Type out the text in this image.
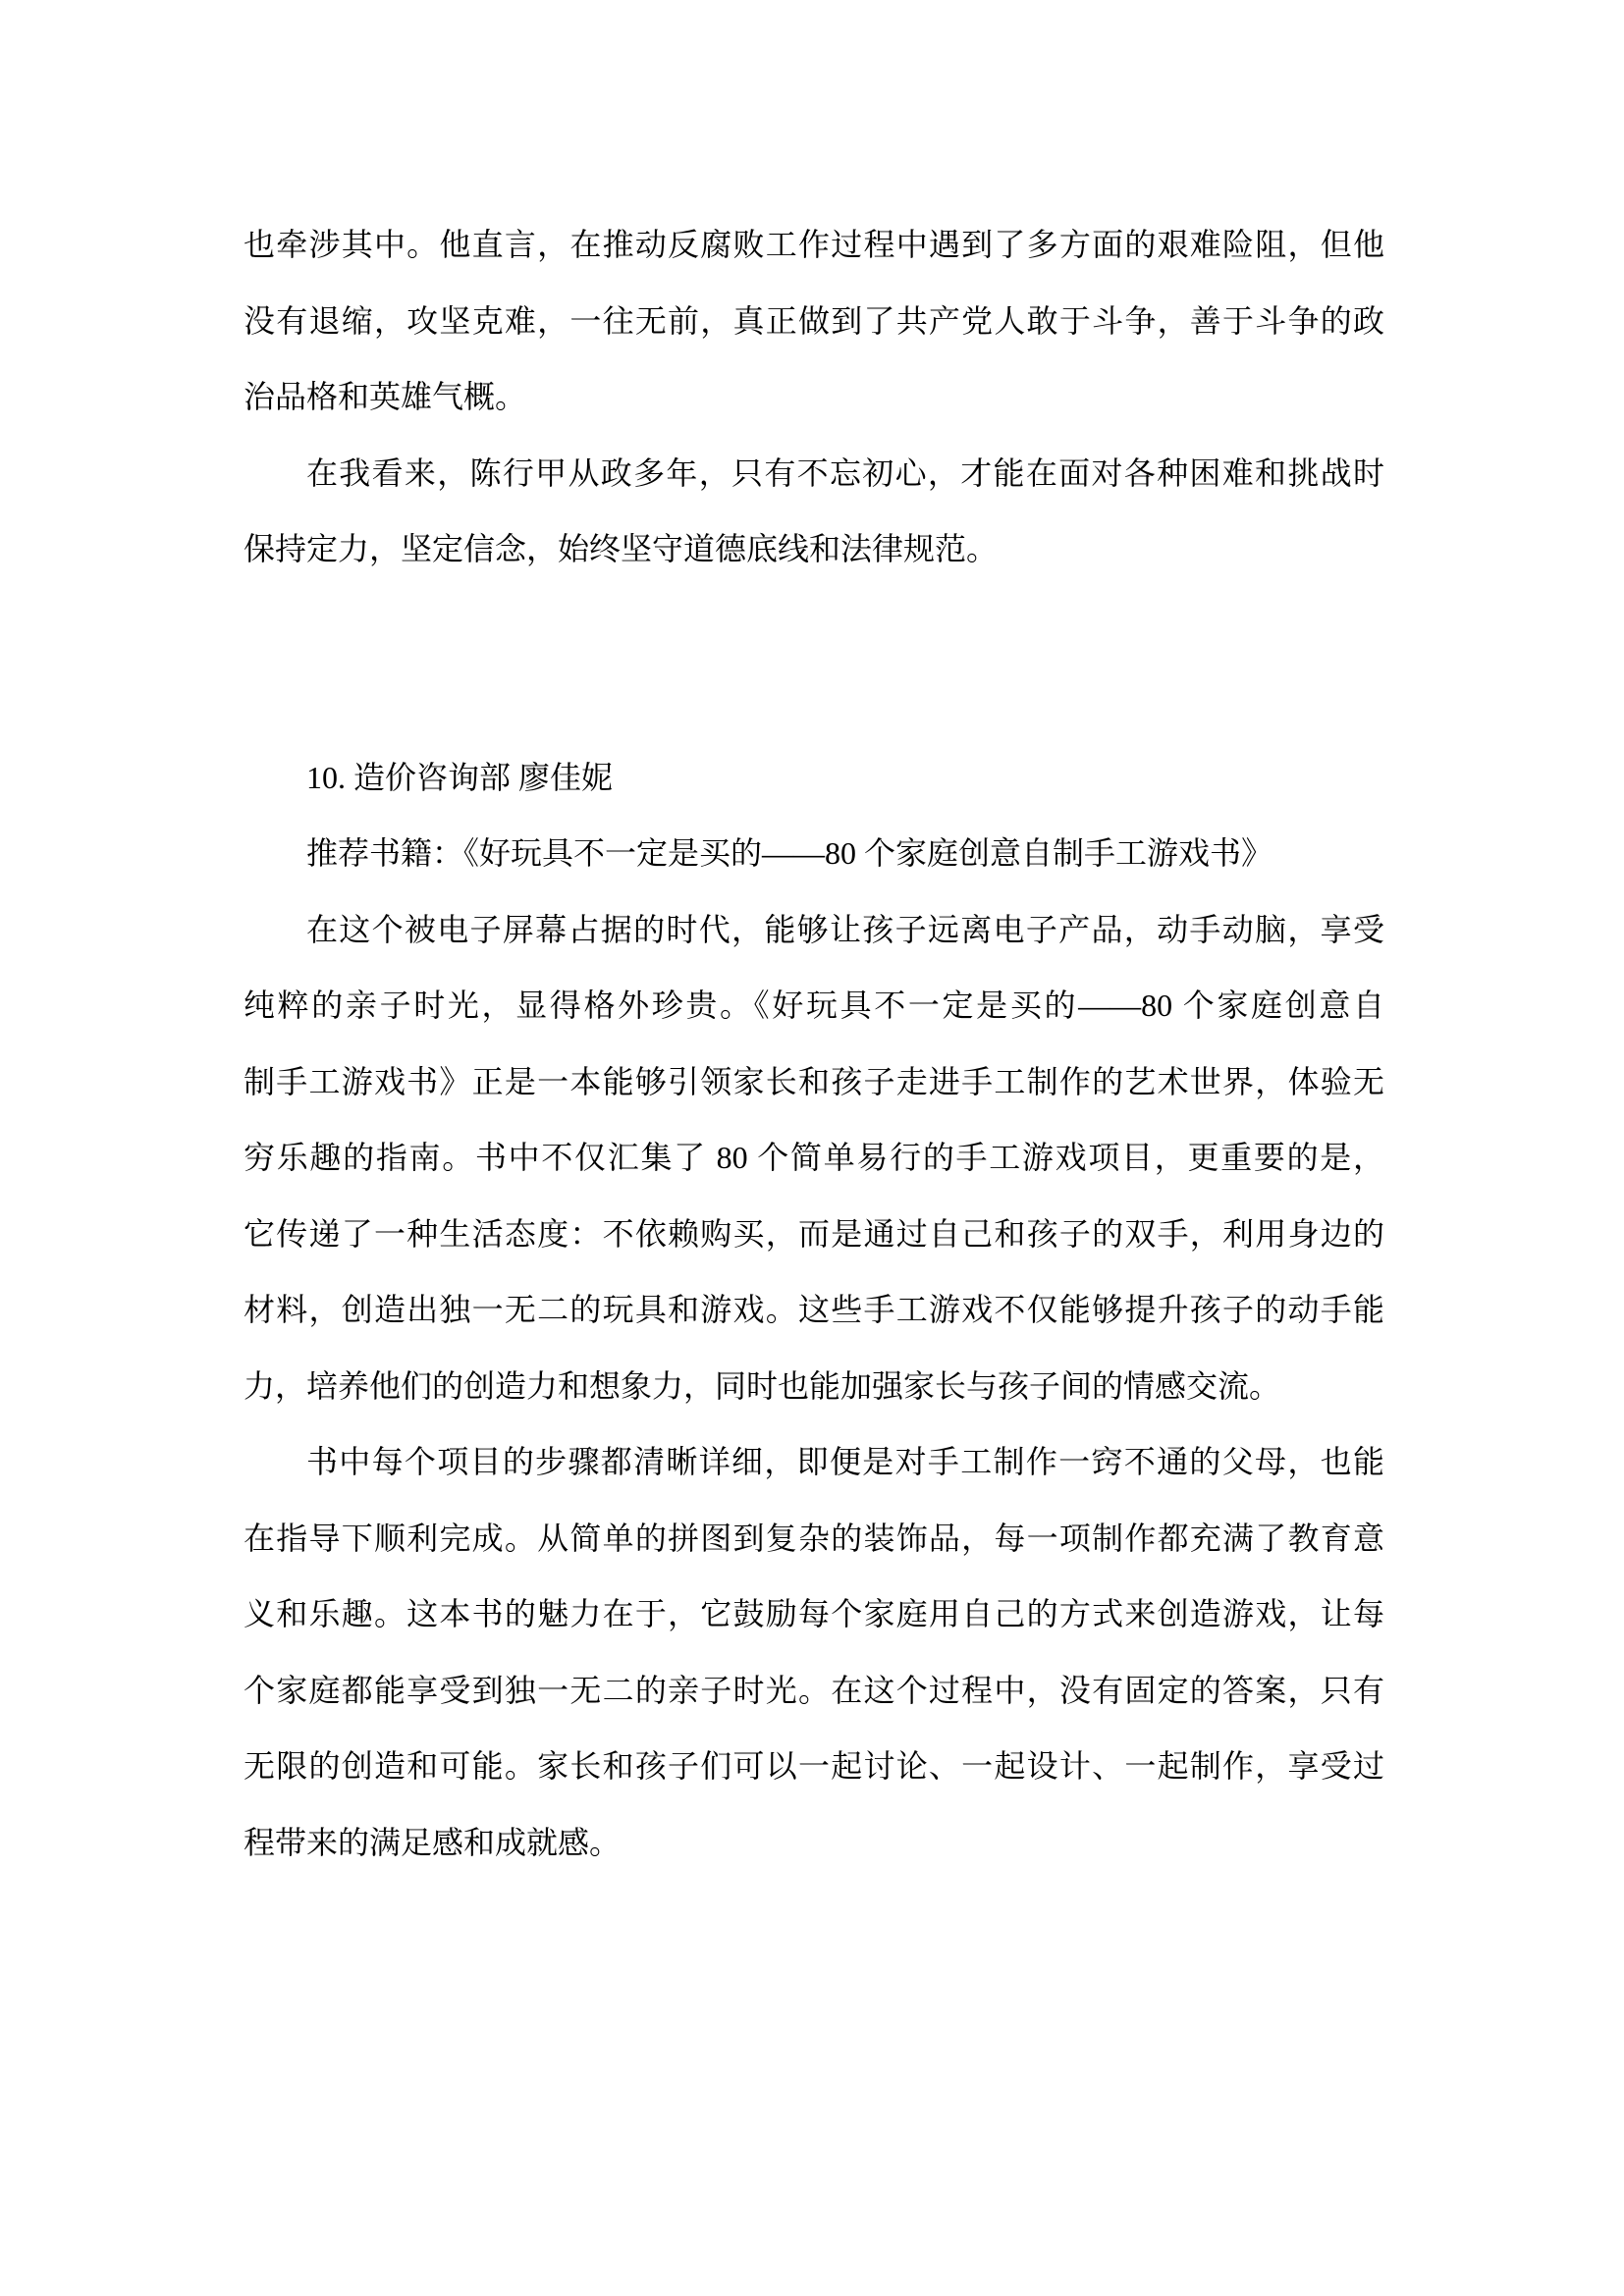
也牵涉其中。他直言，在推动反腐败工作过程中遇到了多方面的艰难险阻，但他
没有退缩，攻坚克难，一往无前，真正做到了共产党人敢于斗争，善于斗争的政
治品格和英雄气概。
在我看来，陈行甲从政多年，只有不忘初心，才能在面对各种困难和挑战时
保持定力，坚定信念，始终坚守道德底线和法律规范。
10. 造价咨询部 廖佳妮
推荐书籍：《好玩具不一定是买的——80 个家庭创意自制手工游戏书》
在这个被电子屏幕占据的时代，能够让孩子远离电子产品，动手动脑，享受
纯粹的亲子时光，显得格外珍贵。《好玩具不一定是买的——80 个家庭创意自
制手工游戏书》正是一本能够引领家长和孩子走进手工制作的艺术世界，体验无
穷乐趣的指南。书中不仅汇集了 80 个简单易行的手工游戏项目，更重要的是，
它传递了一种生活态度：不依赖购买，而是通过自己和孩子的双手，利用身边的
材料，创造出独一无二的玩具和游戏。这些手工游戏不仅能够提升孩子的动手能
力，培养他们的创造力和想象力，同时也能加强家长与孩子间的情感交流。
书中每个项目的步骤都清晰详细，即便是对手工制作一窍不通的父母，也能
在指导下顺利完成。从简单的拼图到复杂的装饰品，每一项制作都充满了教育意
义和乐趣。这本书的魅力在于，它鼓励每个家庭用自己的方式来创造游戏，让每
个家庭都能享受到独一无二的亲子时光。在这个过程中，没有固定的答案，只有
无限的创造和可能。家长和孩子们可以一起讨论、一起设计、一起制作，享受过
程带来的满足感和成就感。
